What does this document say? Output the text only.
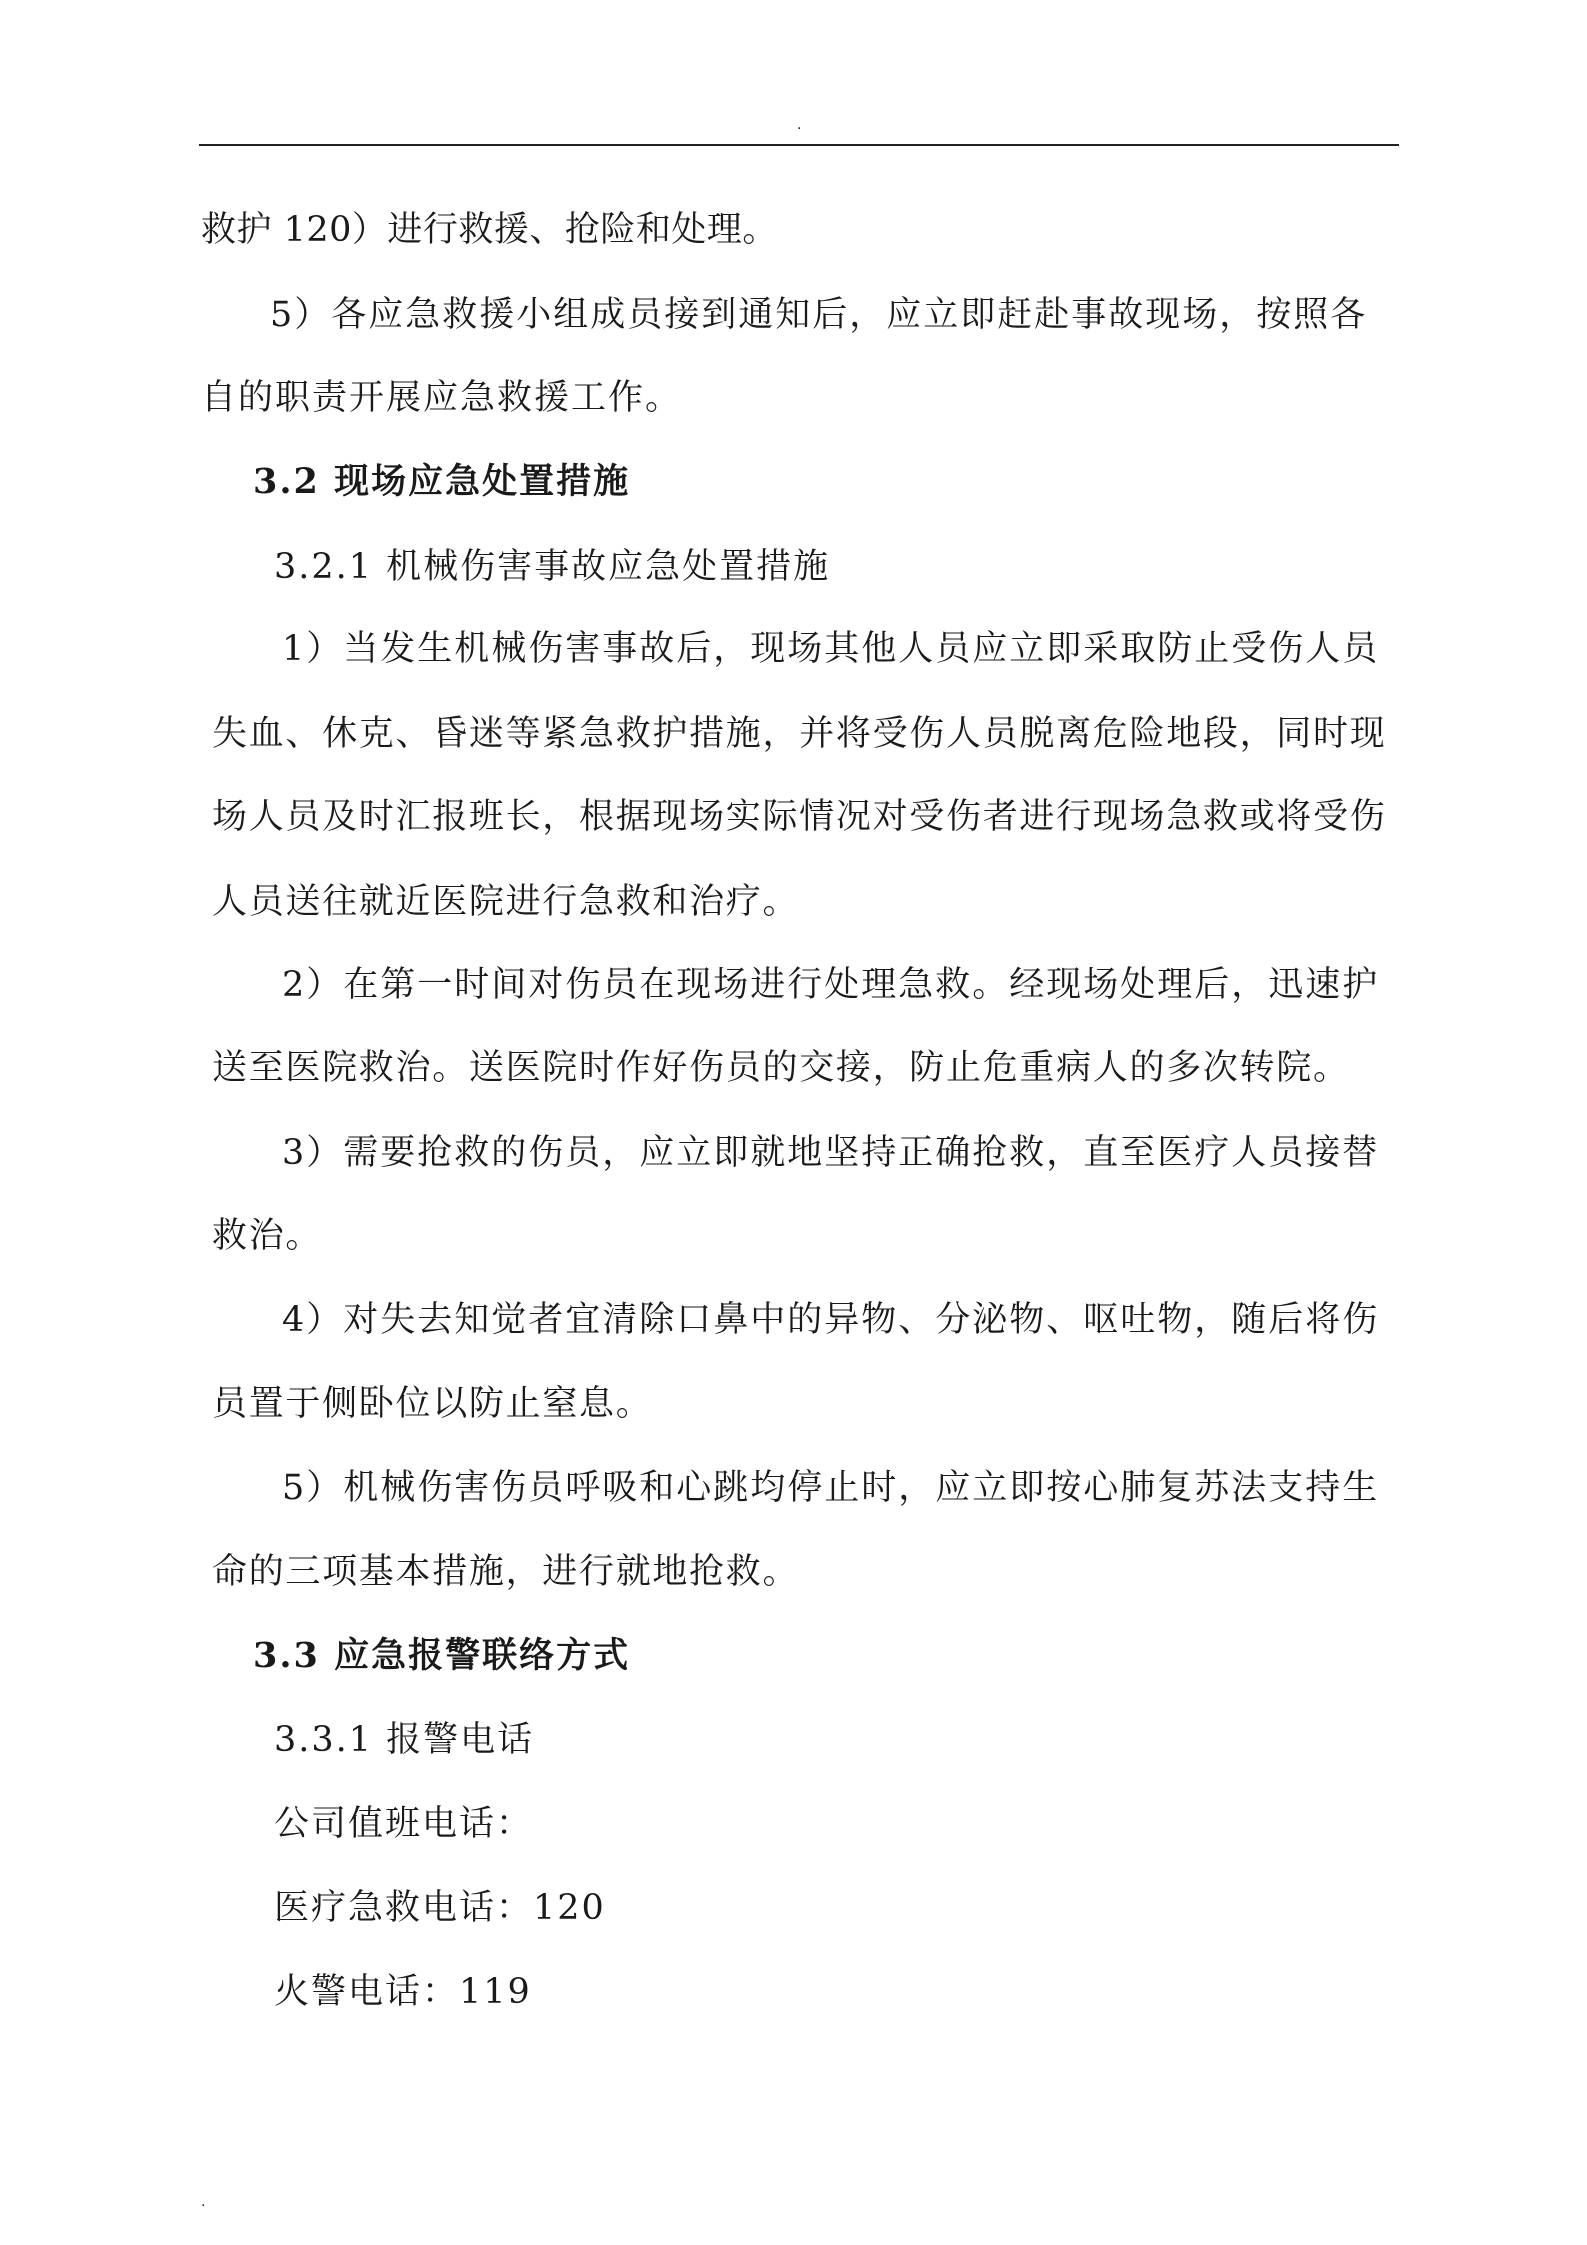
.
救护 120）进行救援、抢险和处理。
5）各应急救援小组成员接到通知后，应立即赶赴事故现场，按照各
自的职责开展应急救援工作。
3.2 现场应急处置措施
3.2.1 机械伤害事故应急处置措施
1）当发生机械伤害事故后，现场其他人员应立即采取防止受伤人员
失血、休克、昏迷等紧急救护措施，并将受伤人员脱离危险地段，同时现
场人员及时汇报班长，根据现场实际情况对受伤者进行现场急救或将受伤
人员送往就近医院进行急救和治疗。
2）在第一时间对伤员在现场进行处理急救。经现场处理后，迅速护
送至医院救治。送医院时作好伤员的交接，防止危重病人的多次转院。
3）需要抢救的伤员，应立即就地坚持正确抢救，直至医疗人员接替
救治。
4）对失去知觉者宜清除口鼻中的异物、分泌物、呕吐物，随后将伤
员置于侧卧位以防止窒息。
5）机械伤害伤员呼吸和心跳均停止时，应立即按心肺复苏法支持生
命的三项基本措施，进行就地抢救。
3.3 应急报警联络方式
3.3.1 报警电话
公司值班电话：
医疗急救电话：120
火警电话：119
.
